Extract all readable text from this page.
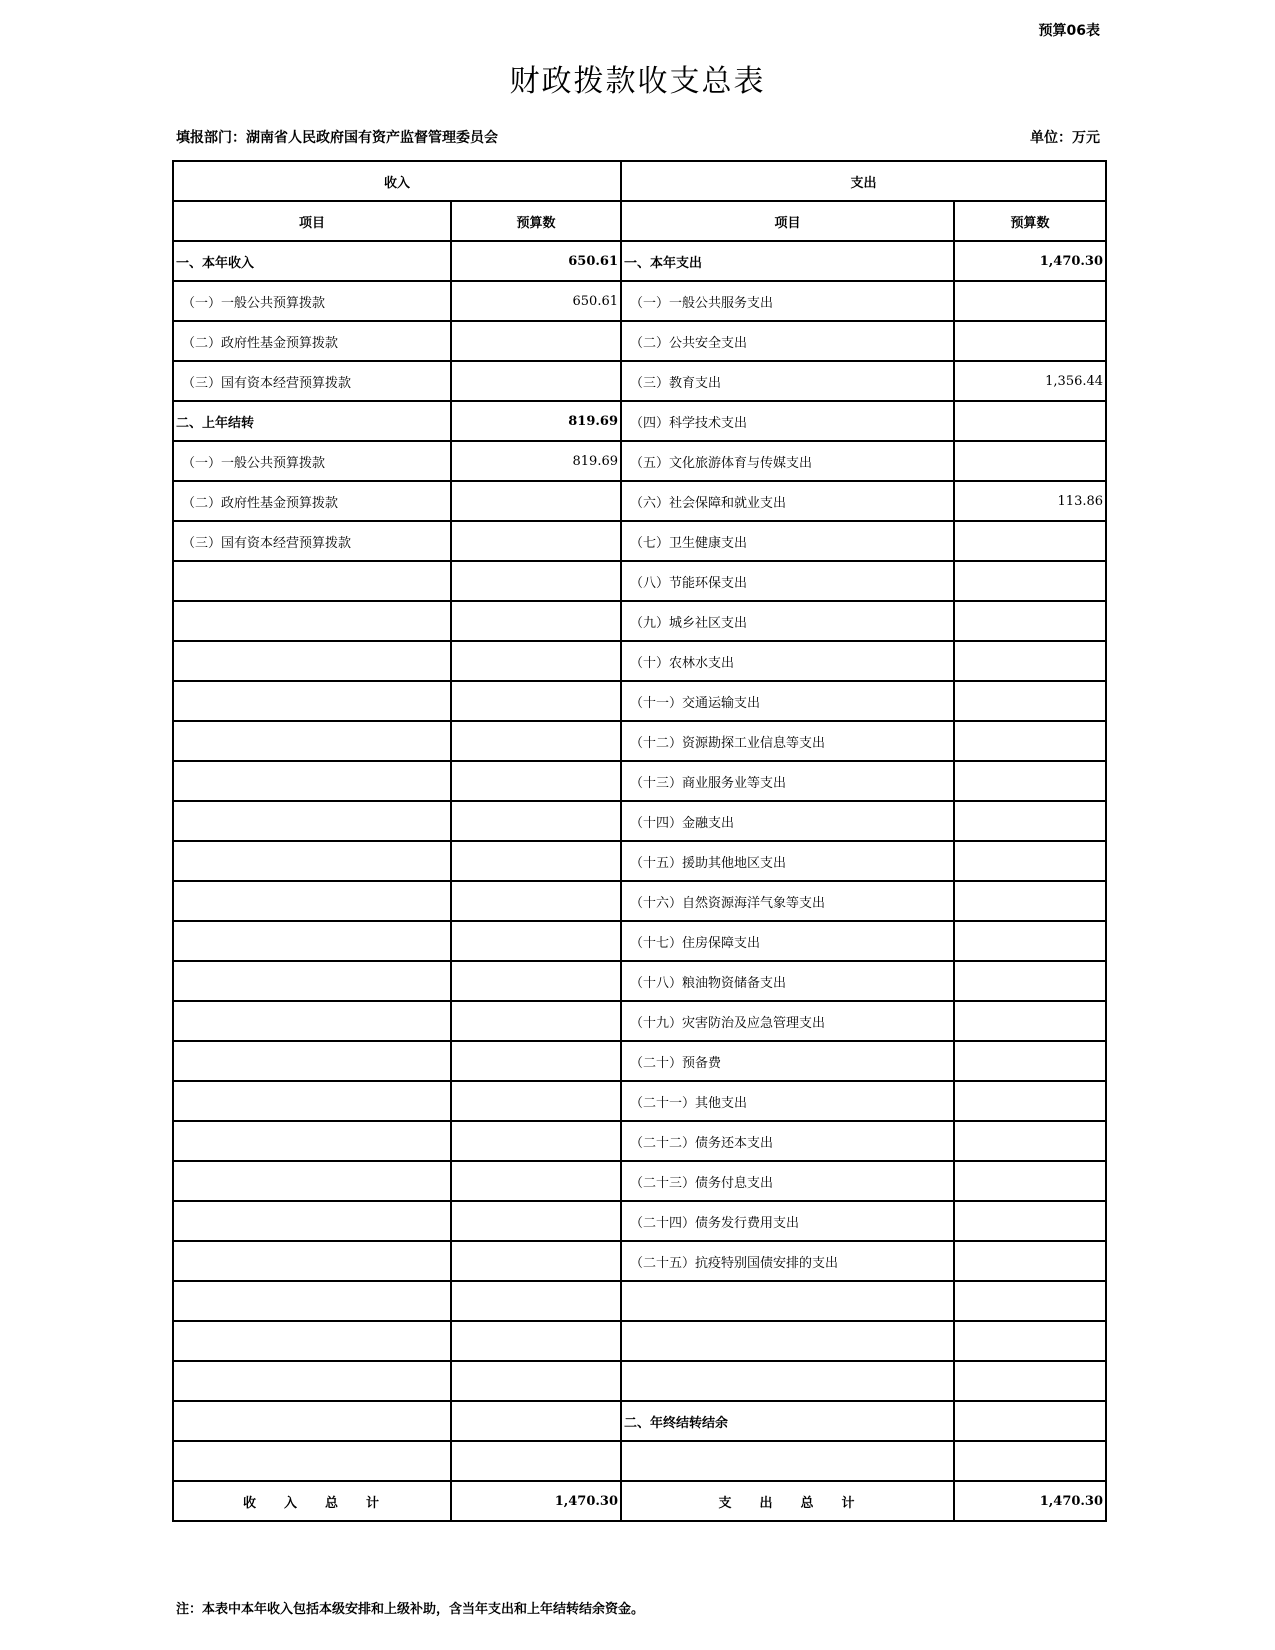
预算06表
财政拨款收支总表
填报部门：湖南省人民政府国有资产监督管理委员会	单位：万元
收入		支出	
项目	预算数	项目	预算数
一、本年收入	650.61	一、本年支出	1,470.30
（一）一般公共预算拨款	650.61	（一）一般公共服务支出	
（二）政府性基金预算拨款		（二）公共安全支出	
（三）国有资本经营预算拨款		（三）教育支出	1,356.44
二、上年结转	819.69	（四）科学技术支出	
（一）一般公共预算拨款	819.69	（五）文化旅游体育与传媒支出	
（二）政府性基金预算拨款		（六）社会保障和就业支出	113.86
（三）国有资本经营预算拨款		（七）卫生健康支出	
		（八）节能环保支出	
		（九）城乡社区支出	
		（十）农林水支出	
		（十一）交通运输支出	
		（十二）资源勘探工业信息等支出	
		（十三）商业服务业等支出	
		（十四）金融支出	
		（十五）援助其他地区支出	
		（十六）自然资源海洋气象等支出	
		（十七）住房保障支出	
		（十八）粮油物资储备支出	
		（十九）灾害防治及应急管理支出	
		（二十）预备费	
		（二十一）其他支出	
		（二十二）债务还本支出	
		（二十三）债务付息支出	
		（二十四）债务发行费用支出	
		（二十五）抗疫特别国债安排的支出	

		二、年终结转结余	

收入总计	1,470.30	支出总计	1,470.30
注：本表中本年收入包括本级安排和上级补助，含当年支出和上年结转结余资金。
